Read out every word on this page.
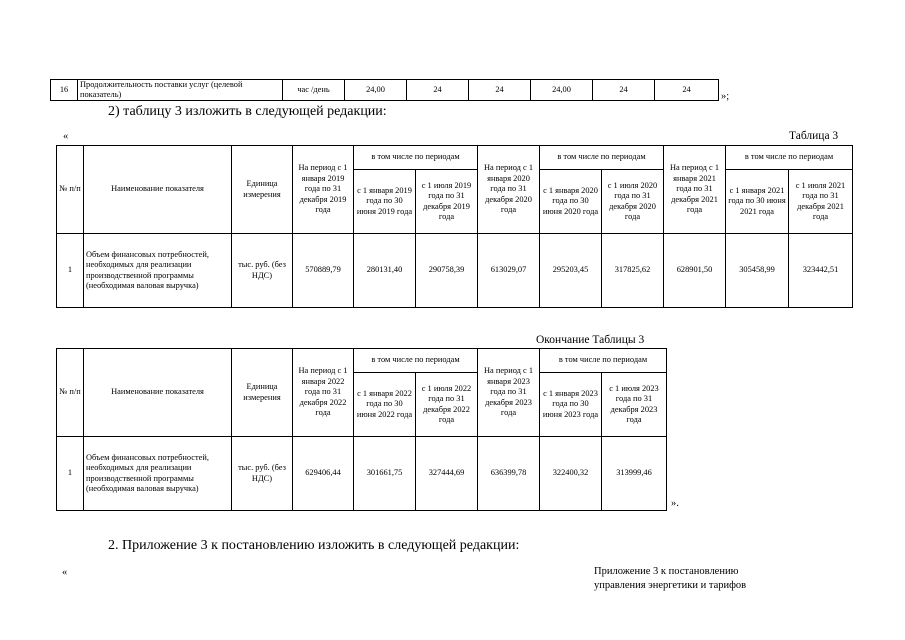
16	Продолжительность поставки услуг (целевой показатель)	час /день	24,00	24	24	24,00	24	24
»;
2) таблицу 3 изложить в следующей редакции:
«	Таблица 3
№ п/п	Наименование показателя	Единица измерения	На период с 1 января 2019 года по 31 декабря 2019 года	в том числе по периодам		На период с 1 января 2020 года по 31 декабря 2020 года	в том числе по периодам		На период с 1 января 2021 года по 31 декабря 2021 года	в том числе по периодам	
				с 1 января 2019 года по 30 июня 2019 года	с 1 июля 2019 года по 31 декабря 2019 года		с 1 января 2020 года по 30 июня 2020 года	с 1 июля 2020 года по 31 декабря 2020 года		с 1 января 2021 года по 30 июня 2021 года	с 1 июля 2021 года по 31 декабря 2021 года
1	Объем финансовых потребностей, необходимых для реализации производственной программы (необходимая валовая выручка)	тыс. руб. (без НДС)	570889,79	280131,40	290758,39	613029,07	295203,45	317825,62	628901,50	305458,99	323442,51
Окончание Таблицы 3
№ п/п	Наименование показателя	Единица измерения	На период с 1 января 2022 года по 31 декабря 2022 года	в том числе по периодам		На период с 1 января 2023 года по 31 декабря 2023 года	в том числе по периодам	
				с 1 января 2022 года по 30 июня 2022 года	с 1 июля 2022 года по 31 декабря 2022 года		с 1 января 2023 года по 30 июня 2023 года	с 1 июля 2023 года по 31 декабря 2023 года
1	Объем финансовых потребностей, необходимых для реализации производственной программы (необходимая валовая выручка)	тыс. руб. (без НДС)	629406,44	301661,75	327444,69	636399,78	322400,32	313999,46
».
2. Приложение 3 к постановлению изложить в следующей редакции:
«	Приложение 3 к постановлению
управления энергетики и тарифов
